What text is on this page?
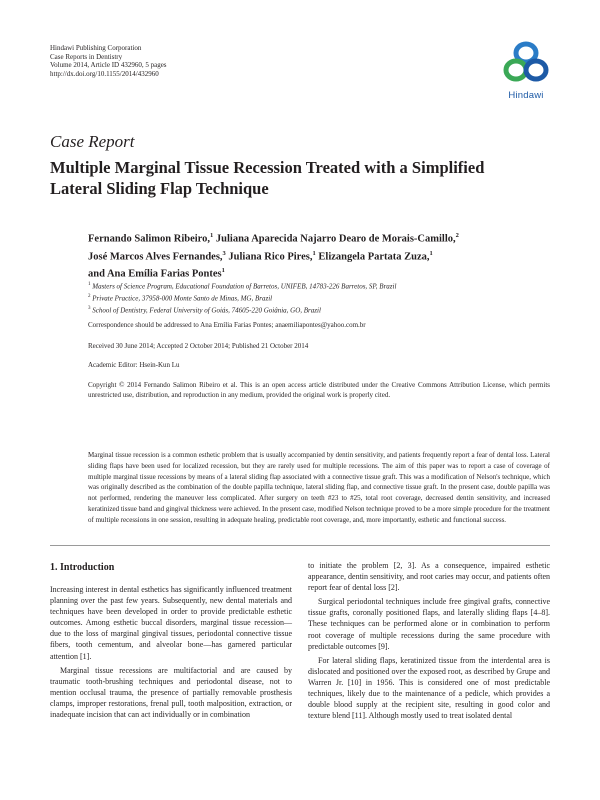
Hindawi Publishing Corporation
Case Reports in Dentistry
Volume 2014, Article ID 432960, 5 pages
http://dx.doi.org/10.1155/2014/432960
Hindawi
Case Report
Multiple Marginal Tissue Recession Treated with a Simplified
Lateral Sliding Flap Technique
Fernando Salimon Ribeiro,$^1$ Juliana Aparecida Najarro Dearo de Morais-Camillo,$^2$
José Marcos Alves Fernandes,$^3$ Juliana Rico Pires,$^1$ Elizangela Partata Zuza,$^1$
and Ana Emília Farias Pontes$^1$
$^1$ Masters of Science Program, Educational Foundation of Barretos, UNIFEB, 14783-226 Barretos, SP, Brazil
$^2$ Private Practice, 37958-000 Monte Santo de Minas, MG, Brazil
$^3$ School of Dentistry, Federal University of Goiás, 74605-220 Goiânia, GO, Brazil
Correspondence should be addressed to Ana Emília Farias Pontes; anaemiliapontes@yahoo.com.br
Received 30 June 2014; Accepted 2 October 2014; Published 21 October 2014
Academic Editor: Hsein-Kun Lu
Copyright © 2014 Fernando Salimon Ribeiro et al. This is an open access article distributed under the Creative Commons Attribution License, which permits unrestricted use, distribution, and reproduction in any medium, provided the original work is properly cited.
Marginal tissue recession is a common esthetic problem that is usually accompanied by dentin sensitivity, and patients frequently report a fear of dental loss. Lateral sliding flaps have been used for localized recession, but they are rarely used for multiple recessions. The aim of this paper was to report a case of coverage of multiple marginal tissue recessions by means of a lateral sliding flap associated with a connective tissue graft. This was a modification of Nelson's technique, which was originally described as the combination of the double papilla technique, lateral sliding flap, and connective tissue graft. In the present case, double papilla was not performed, rendering the maneuver less complicated. After surgery on teeth #23 to #25, total root coverage, decreased dentin sensitivity, and increased keratinized tissue band and gingival thickness were achieved. In the present case, modified Nelson technique proved to be a more simple procedure for the treatment of multiple recessions in one session, resulting in adequate healing, predictable root coverage, and, more importantly, esthetic and functional success.
1. Introduction

Increasing interest in dental esthetics has significantly influenced treatment planning over the past few years. Subsequently, new dental materials and techniques have been developed in order to provide predictable esthetic outcomes. Among esthetic buccal disorders, marginal tissue recession—due to the loss of marginal gingival tissues, periodontal connective tissue fibers, tooth cementum, and alveolar bone—has garnered particular attention [1].

Marginal tissue recessions are multifactorial and are caused by traumatic tooth-brushing techniques and periodontal disease, not to mention occlusal trauma, the presence of partially removable prosthesis clamps, improper restorations, frenal pull, tooth malposition, extraction, or inadequate incision that can act individually or in combination

to initiate the problem [2, 3]. As a consequence, impaired esthetic appearance, dentin sensitivity, and root caries may occur, and patients often report fear of dental loss [2].

Surgical periodontal techniques include free gingival grafts, connective tissue grafts, coronally positioned flaps, and laterally sliding flaps [4–8]. These techniques can be performed alone or in combination to perform root coverage of multiple recessions during the same procedure with predictable outcomes [9].

For lateral sliding flaps, keratinized tissue from the interdental area is dislocated and positioned over the exposed root, as described by Grupe and Warren Jr. [10] in 1956. This is considered one of most predictable techniques, likely due to the maintenance of a pedicle, which provides a double blood supply at the recipient site, resulting in good color and texture blend [11]. Although mostly used to treat isolated dental
